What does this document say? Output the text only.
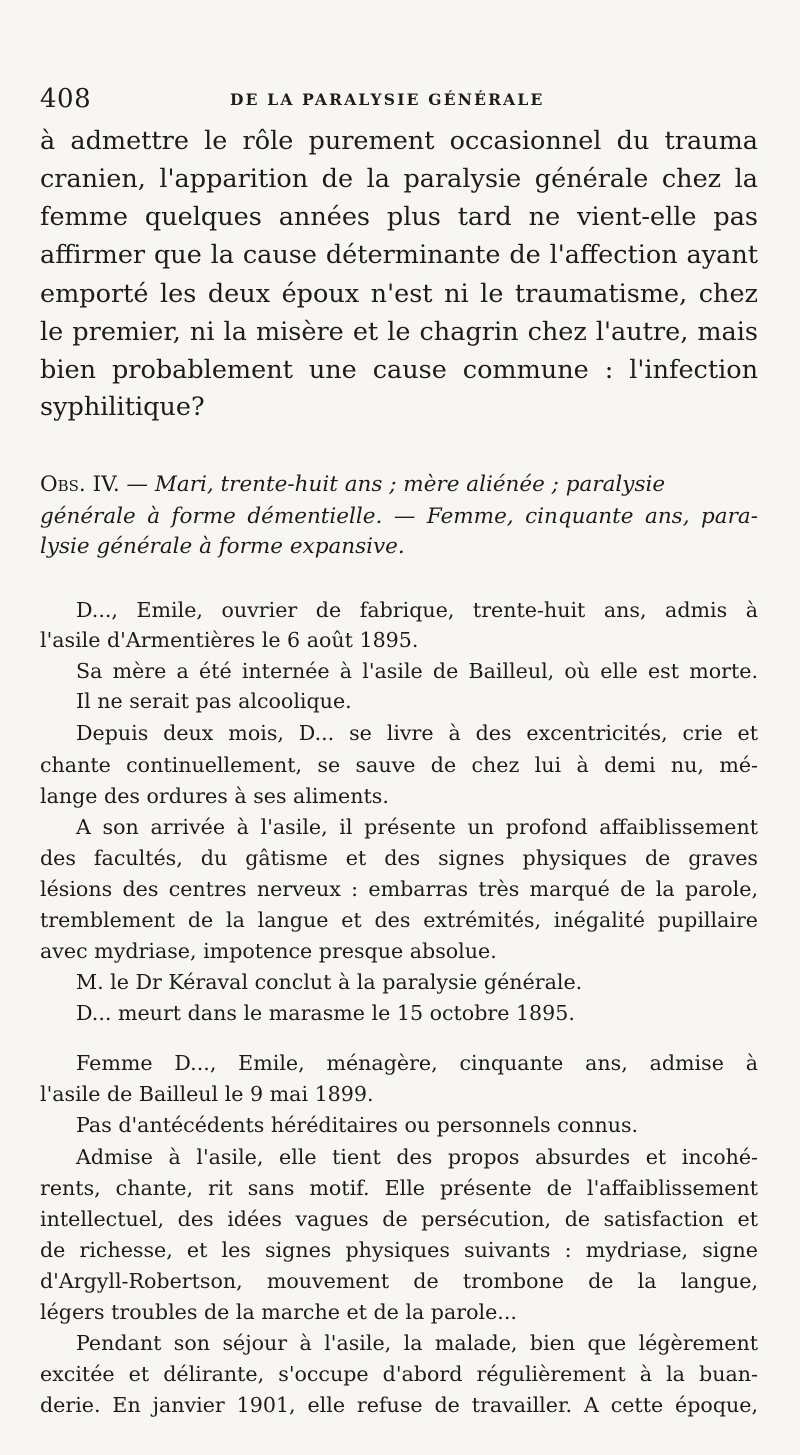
408	DE LA PARALYSIE GÉNÉRALE
à admettre le rôle purement occasionnel du trauma
cranien, l'apparition de la paralysie générale chez la
femme quelques années plus tard ne vient-elle pas
affirmer que la cause déterminante de l'affection ayant
emporté les deux époux n'est ni le traumatisme, chez
le premier, ni la misère et le chagrin chez l'autre, mais
bien probablement une cause commune : l'infection
syphilitique?
Obs. IV. — Mari, trente-huit ans ; mère aliénée ; paralysie
générale à forme démentielle. — Femme, cinquante ans, para-
lysie générale à forme expansive.
D..., Emile, ouvrier de fabrique, trente-huit ans, admis à
l'asile d'Armentières le 6 août 1895.
Sa mère a été internée à l'asile de Bailleul, où elle est morte.
Il ne serait pas alcoolique.
Depuis deux mois, D... se livre à des excentricités, crie et
chante continuellement, se sauve de chez lui à demi nu, mé-
lange des ordures à ses aliments.
A son arrivée à l'asile, il présente un profond affaiblissement
des facultés, du gâtisme et des signes physiques de graves
lésions des centres nerveux : embarras très marqué de la parole,
tremblement de la langue et des extrémités, inégalité pupillaire
avec mydriase, impotence presque absolue.
M. le Dr Kéraval conclut à la paralysie générale.
D... meurt dans le marasme le 15 octobre 1895.
Femme D..., Emile, ménagère, cinquante ans, admise à
l'asile de Bailleul le 9 mai 1899.
Pas d'antécédents héréditaires ou personnels connus.
Admise à l'asile, elle tient des propos absurdes et incohé-
rents, chante, rit sans motif. Elle présente de l'affaiblissement
intellectuel, des idées vagues de persécution, de satisfaction et
de richesse, et les signes physiques suivants : mydriase, signe
d'Argyll-Robertson, mouvement de trombone de la langue,
légers troubles de la marche et de la parole...
Pendant son séjour à l'asile, la malade, bien que légèrement
excitée et délirante, s'occupe d'abord régulièrement à la buan-
derie. En janvier 1901, elle refuse de travailler. A cette époque,
